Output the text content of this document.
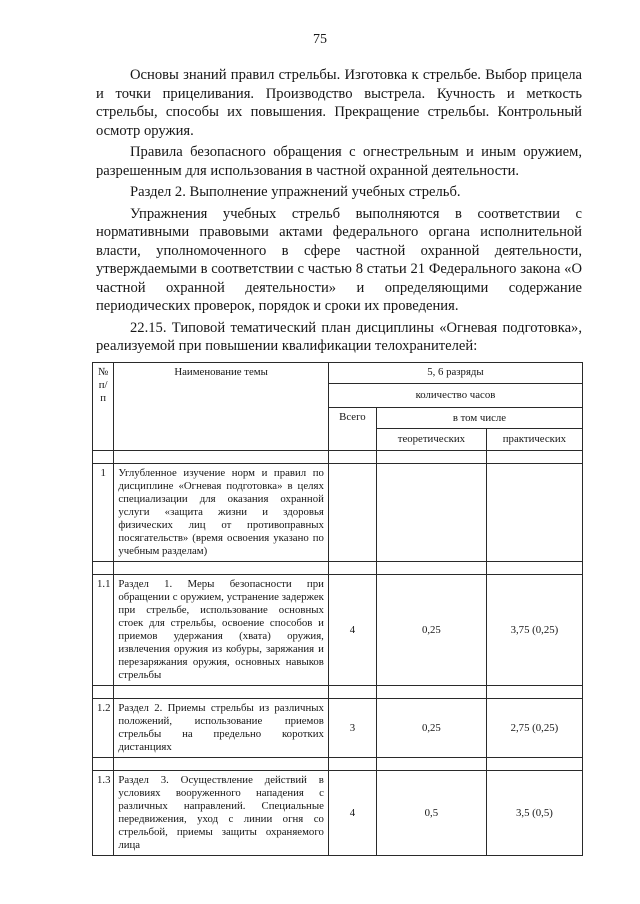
75

Основы знаний правил стрельбы. Изготовка к стрельбе. Выбор прицела и точки прицеливания. Производство выстрела. Кучность и меткость стрельбы, способы их повышения. Прекращение стрельбы. Контрольный осмотр оружия.

Правила безопасного обращения с огнестрельным и иным оружием, разрешенным для использования в частной охранной деятельности.

Раздел 2. Выполнение упражнений учебных стрельб.

Упражнения учебных стрельб выполняются в соответствии с нормативными правовыми актами федерального органа исполнительной власти, уполномоченного в сфере частной охранной деятельности, утверждаемыми в соответствии с частью 8 статьи 21 Федерального закона «О частной охранной деятельности» и определяющими содержание периодических проверок, порядок и сроки их проведения.

22.15. Типовой тематический план дисциплины «Огневая подготовка», реализуемой при повышении квалификации телохранителей:

№ п/п	Наименование темы	5, 6 разряды		
		количество часов		
		Всего	в том числе	
			теоретических	практических

1	Углубленное изучение норм и правил по дисциплине «Огневая подготовка» в целях специализации для оказания охранной услуги «защита жизни и здоровья физических лиц от противоправных посягательств» (время освоения указано по учебным разделам)			

1.1	Раздел 1. Меры безопасности при обращении с оружием, устранение задержек при стрельбе, использование основных стоек для стрельбы, освоение способов и приемов удержания (хвата) оружия, извлечения оружия из кобуры, заряжания и перезаряжания оружия, основных навыков стрельбы	4	0,25	3,75 (0,25)

1.2	Раздел 2. Приемы стрельбы из различных положений, использование приемов стрельбы на предельно коротких дистанциях	3	0,25	2,75 (0,25)

1.3	Раздел 3. Осуществление действий в условиях вооруженного нападения с различных направлений. Специальные передвижения, уход с линии огня со стрельбой, приемы защиты охраняемого лица	4	0,5	3,5 (0,5)
